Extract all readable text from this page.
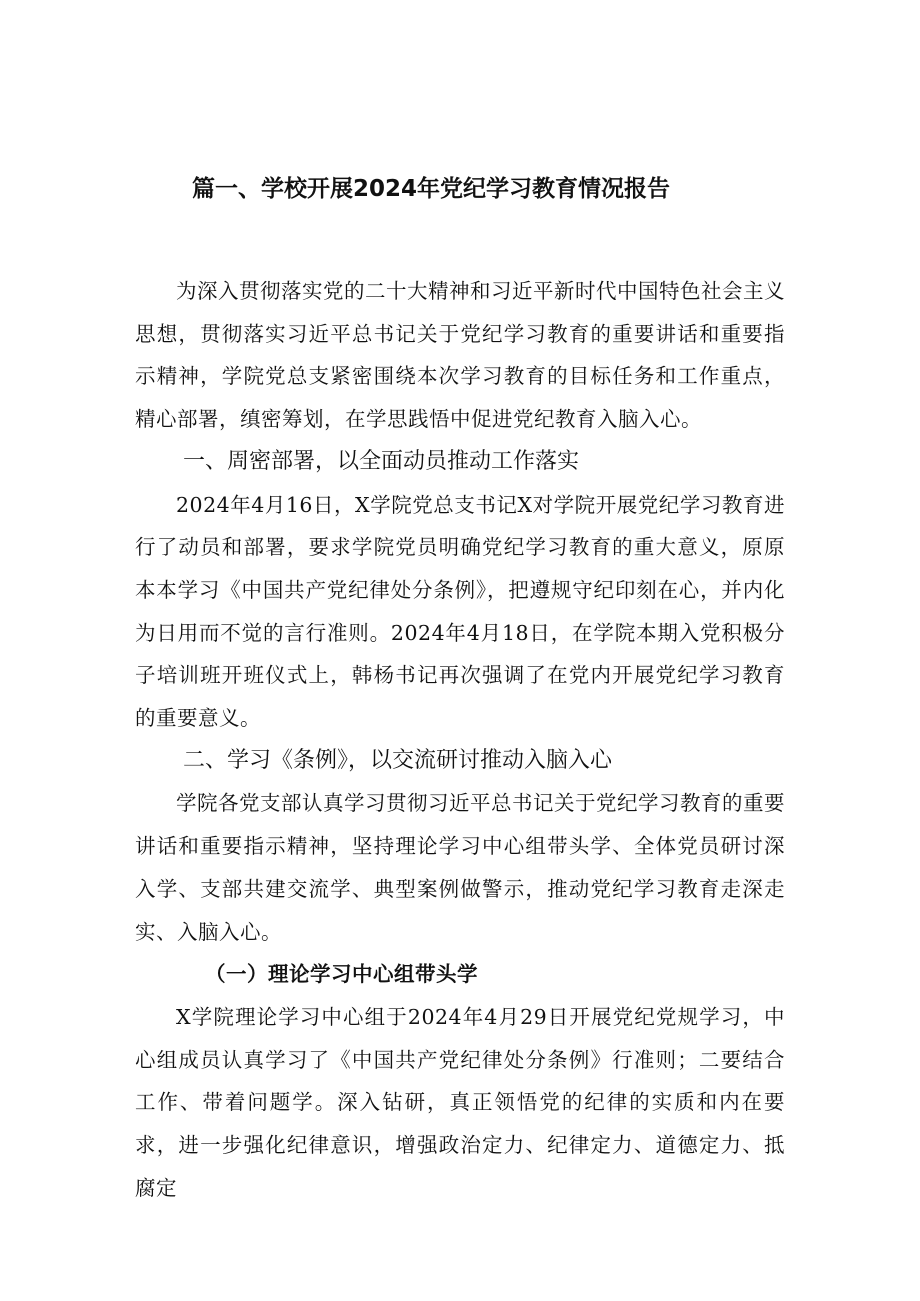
篇一、学校开展2024年党纪学习教育情况报告

为深入贯彻落实党的二十大精神和习近平新时代中国特色社会主义思想，贯彻落实习近平总书记关于党纪学习教育的重要讲话和重要指示精神，学院党总支紧密围绕本次学习教育的目标任务和工作重点，精心部署，缜密筹划，在学思践悟中促进党纪教育入脑入心。

一、周密部署，以全面动员推动工作落实

2024年4月16日，X学院党总支书记X对学院开展党纪学习教育进行了动员和部署，要求学院党员明确党纪学习教育的重大意义，原原本本学习《中国共产党纪律处分条例》，把遵规守纪印刻在心，并内化为日用而不觉的言行准则。2024年4月18日，在学院本期入党积极分子培训班开班仪式上，韩杨书记再次强调了在党内开展党纪学习教育的重要意义。

二、学习《条例》，以交流研讨推动入脑入心

学院各党支部认真学习贯彻习近平总书记关于党纪学习教育的重要讲话和重要指示精神，坚持理论学习中心组带头学、全体党员研讨深入学、支部共建交流学、典型案例做警示，推动党纪学习教育走深走实、入脑入心。

（一）理论学习中心组带头学

X学院理论学习中心组于2024年4月29日开展党纪党规学习，中心组成员认真学习了《中国共产党纪律处分条例》行准则；二要结合工作、带着问题学。深入钻研，真正领悟党的纪律的实质和内在要求，进一步强化纪律意识，增强政治定力、纪律定力、道德定力、抵腐定
